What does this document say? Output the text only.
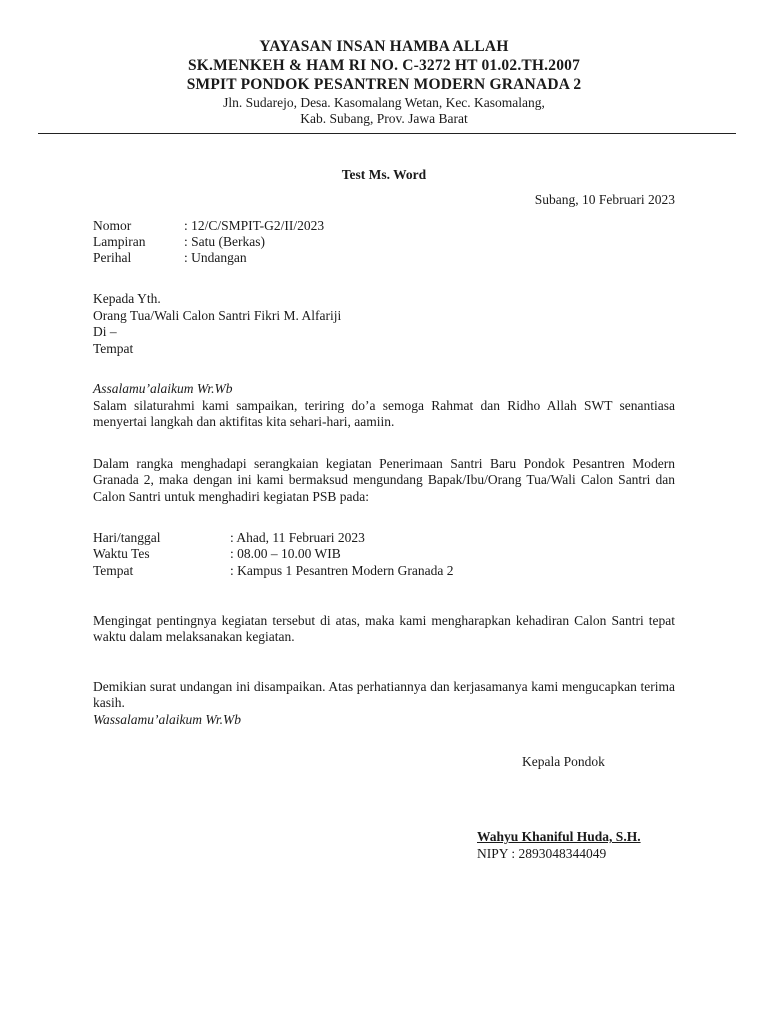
YAYASAN INSAN HAMBA ALLAH
SK.MENKEH & HAM RI NO. C-3272 HT 01.02.TH.2007
SMPIT PONDOK PESANTREN MODERN GRANADA 2
Jln. Sudarejo, Desa. Kasomalang Wetan, Kec. Kasomalang,
Kab. Subang, Prov. Jawa Barat
Test Ms. Word
Subang, 10 Februari 2023
Nomor	: 12/C/SMPIT-G2/II/2023
Lampiran	: Satu (Berkas)
Perihal	: Undangan
Kepada Yth.
Orang Tua/Wali Calon Santri Fikri M. Alfariji
Di –
Tempat
Assalamu’alaikum Wr.Wb
Salam silaturahmi kami sampaikan, teriring do’a semoga Rahmat dan Ridho Allah SWT senantiasa menyertai langkah dan aktifitas kita sehari-hari, aamiin.
Dalam rangka menghadapi serangkaian kegiatan Penerimaan Santri Baru Pondok Pesantren Modern Granada 2, maka dengan ini kami bermaksud mengundang Bapak/Ibu/Orang Tua/Wali Calon Santri dan Calon Santri untuk menghadiri kegiatan PSB pada:
Hari/tanggal	: Ahad, 11 Februari 2023
Waktu Tes	: 08.00 – 10.00 WIB
Tempat	: Kampus 1 Pesantren Modern Granada 2
Mengingat pentingnya kegiatan tersebut di atas, maka kami mengharapkan kehadiran Calon Santri tepat waktu dalam melaksanakan kegiatan.
Demikian surat undangan ini disampaikan. Atas perhatiannya dan kerjasamanya kami mengucapkan terima kasih.
Wassalamu’alaikum Wr.Wb
Kepala Pondok
Wahyu Khaniful Huda, S.H.
NIPY : 2893048344049
